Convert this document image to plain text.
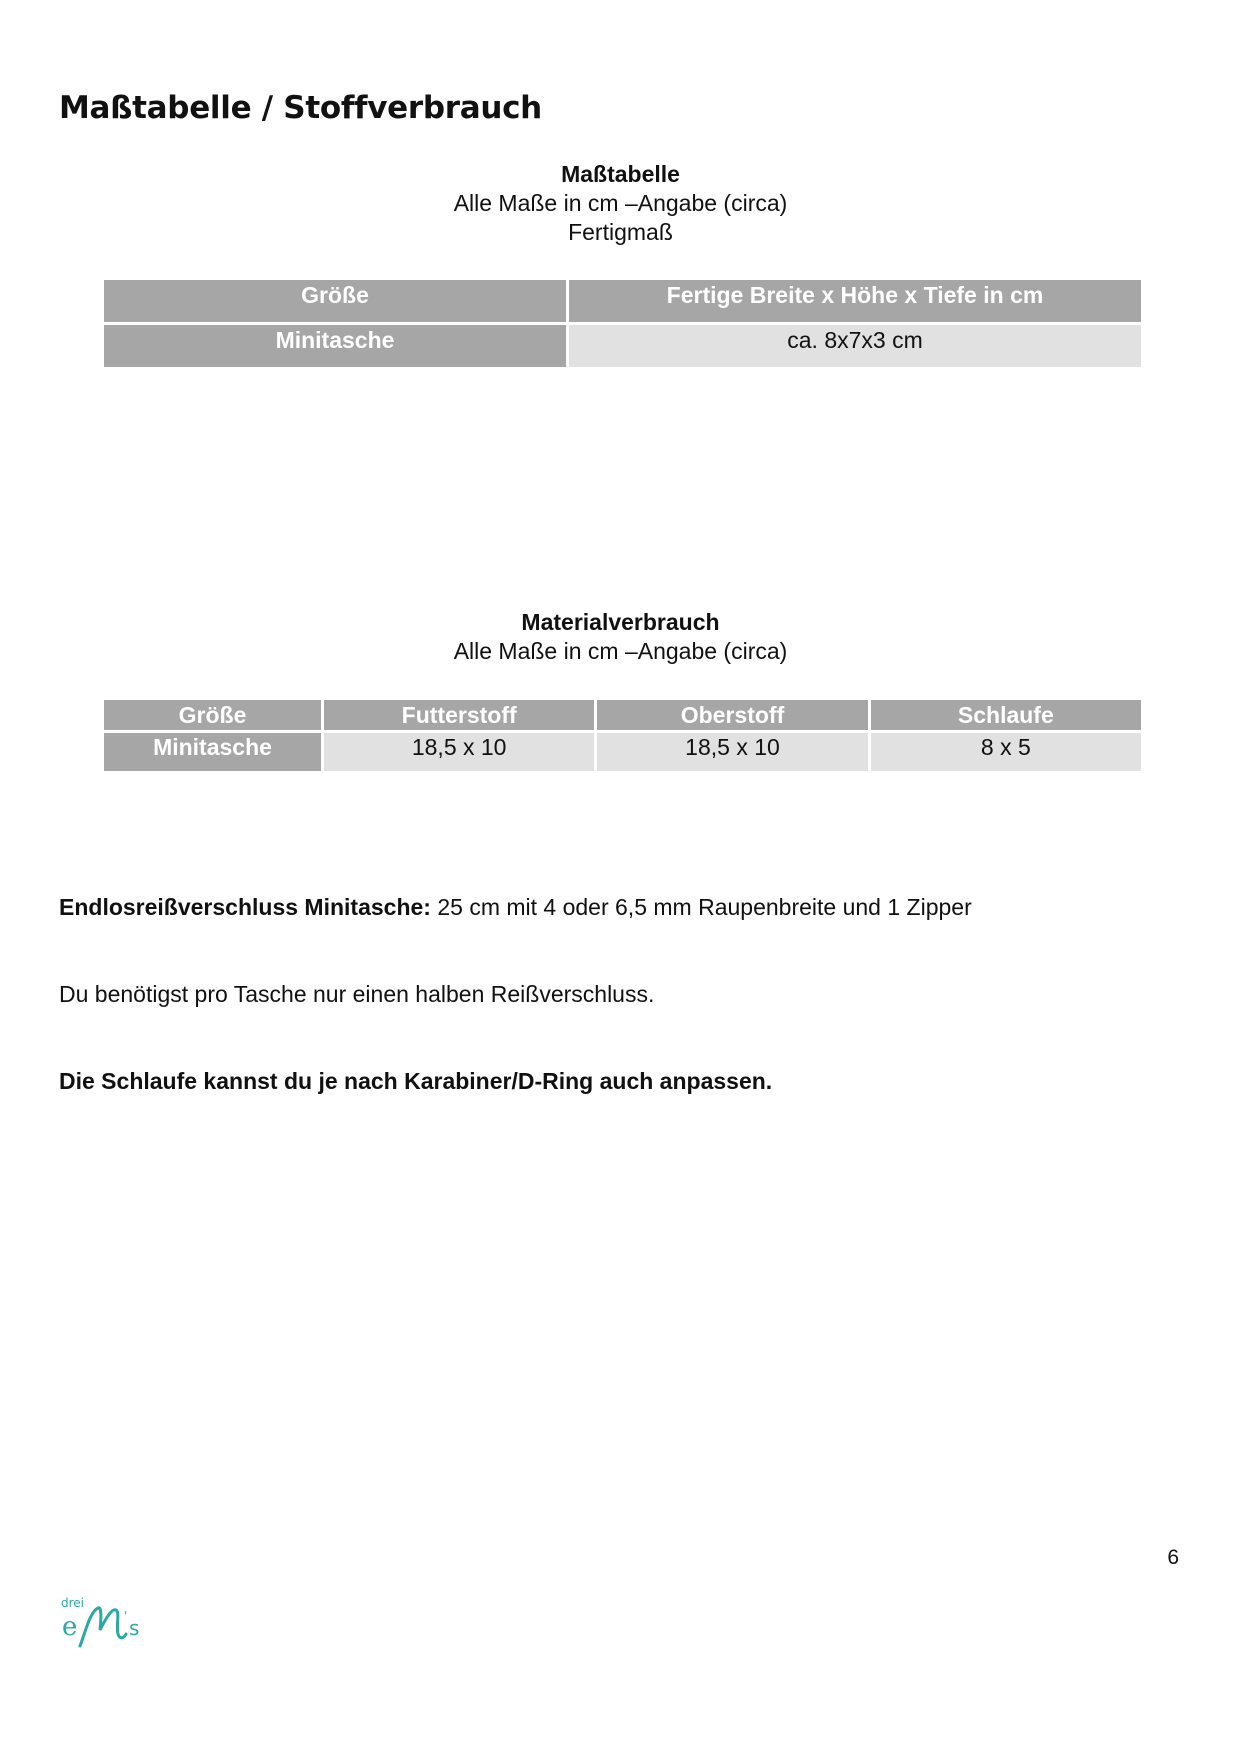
Maßtabelle / Stoffverbrauch
Maßtabelle
Alle Maße in cm –Angabe (circa)
Fertigmaß
Größe	Fertige Breite x Höhe x Tiefe in cm
Minitasche	ca. 8x7x3 cm
Materialverbrauch
Alle Maße in cm –Angabe (circa)
Größe	Futterstoff	Oberstoff	Schlaufe
Minitasche	18,5 x 10	18,5 x 10	8 x 5

Endlosreißverschluss Minitasche: 25 cm mit 4 oder 6,5 mm Raupenbreite und 1 Zipper

Du benötigst pro Tasche nur einen halben Reißverschluss.

Die Schlaufe kannst du je nach Karabiner/D-Ring auch anpassen.

6
drei
e	' s
